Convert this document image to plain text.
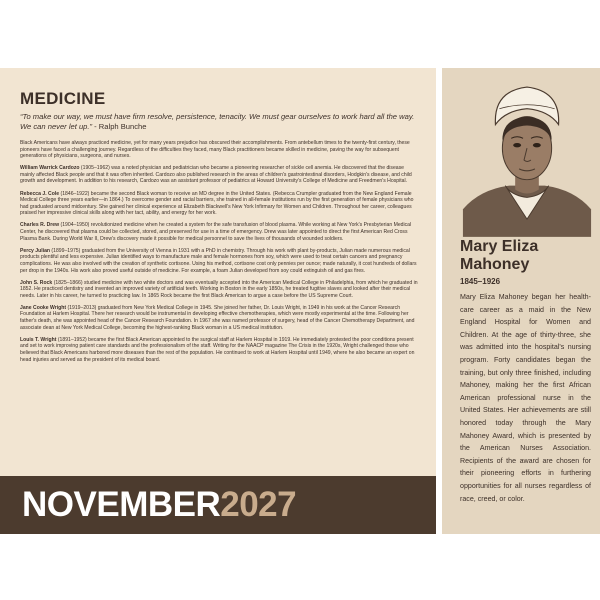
MEDICINE

“To make our way, we must have firm resolve, persistence, tenacity. We must gear ourselves to work hard all the way. We can never let up.” - Ralph Bunche

Black Americans have always practiced medicine, yet for many years prejudice has obscured their accomplishments. From antebellum times to the twenty-first century, these pioneers have faced a challenging journey. Regardless of the difficulties they faced, many Black practitioners became skilled in medicine, paving the way for subsequent generations of physicians, surgeons, and nurses.

William Warrick Cardozo (1905–1962) was a noted physician and pediatrician who became a pioneering researcher of sickle cell anemia. He discovered that the disease mainly affected Black people and that it was often inherited. Cardozo also published research in the areas of children's gastrointestinal disorders, Hodgkin's disease, and child growth and development. In addition to his research, Cardozo was an assistant professor of pediatrics at Howard University's College of Medicine and Freedmen's Hospital.

Rebecca J. Cole (1846–1922) became the second Black woman to receive an MD degree in the United States. (Rebecca Crumpler graduated from the New England Female Medical College three years earlier—in 1864.) To overcome gender and racial barriers, she trained in all-female institutions run by the first generation of female physicians who had graduated around midcentury. She gained her clinical experience at Elizabeth Blackwell's New York Infirmary for Women and Children. Throughout her career, colleagues praised her impressive clinical skills along with her tact, ability, and energy for her work.

Charles R. Drew (1904–1950) revolutionized medicine when he created a system for the safe transfusion of blood plasma. While working at New York's Presbyterian Medical Center, he discovered that plasma could be collected, stored, and preserved for use in a time of emergency. Drew was later appointed to direct the first American Red Cross Plasma Bank. During World War II, Drew's discovery made it possible for medical personnel to save the lives of thousands of wounded soldiers.

Percy Julian (1899–1975) graduated from the University of Vienna in 1931 with a PhD in chemistry. Through his work with plant by-products, Julian made numerous medical products plentiful and less expensive. Julian identified ways to manufacture male and female hormones from soy, which were used to treat certain cancers and pregnancy complications. He was also involved with the creation of synthetic cortisone. Using his method, cortisone cost only pennies per ounce; made naturally, it cost hundreds of dollars per drop in the 1940s. His work also proved useful outside of medicine. For example, a foam Julian developed from soy could extinguish oil and gas fires.

John S. Rock (1825–1866) studied medicine with two white doctors and was eventually accepted into the American Medical College in Philadelphia, from which he graduated in 1852. He practiced dentistry and invented an improved variety of artificial teeth. Working in Boston in the early 1850s, he treated fugitive slaves and looked after their medical needs. Later in his career, he turned to practicing law. In 1865 Rock became the first Black American to argue a case before the US Supreme Court.

Jane Cooke Wright (1919–2013) graduated from New York Medical College in 1945. She joined her father, Dr. Louis Wright, in 1949 in his work at the Cancer Research Foundation at Harlem Hospital. There her research would be instrumental in developing effective chemotherapies, which were mostly experimental at the time. Following her father's death, she was appointed head of the Cancer Research Foundation. In 1967 she was named professor of surgery, head of the Cancer Chemotherapy Department, and associate dean at New York Medical College, becoming the highest-ranking Black woman in a US medical institution.

Louis T. Wright (1891–1952) became the first Black American appointed to the surgical staff at Harlem Hospital in 1919. He immediately protested the poor conditions present and set to work improving patient care standards and the professionalism of the staff. Writing for the NAACP magazine The Crisis in the 1920s, Wright challenged those who believed that Black Americans harbored more diseases than the rest of the population. He continued to work at Harlem Hospital until 1949, where he also became an expert on head injuries and served as the president of its medical board.

NOVEMBER 2027
Mary Eliza Mahoney
1845–1926

Mary Eliza Mahoney began her health-care career as a maid in the New England Hospital for Women and Children. At the age of thirty-three, she was admitted into the hospital's nursing program. Forty candidates began the training, but only three finished, including Mahoney, making her the first African American professional nurse in the United States. Her achievements are still honored today through the Mary Mahoney Award, which is presented by the American Nurses Association. Recipients of the award are chosen for their pioneering efforts in furthering opportunities for all nurses regardless of race, creed, or color.
